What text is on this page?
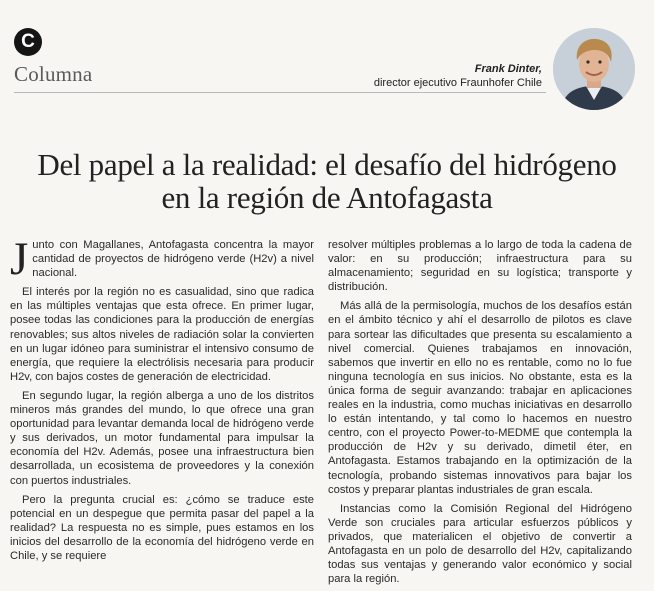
C
Columna	Frank Dinter,
director ejecutivo Fraunhofer Chile
Del papel a la realidad: el desafío del hidrógeno
en la región de Antofagasta

Junto con Magallanes, Antofagasta concentra la mayor cantidad de proyectos de hidrógeno verde (H2v) a nivel nacional.

El interés por la región no es casualidad, sino que radica en las múltiples ventajas que esta ofrece. En primer lugar, posee todas las condiciones para la producción de energías renovables; sus altos niveles de radiación solar la convierten en un lugar idóneo para suministrar el intensivo consumo de energía, que requiere la electrólisis necesaria para producir H2v, con bajos costes de generación de electricidad.

En segundo lugar, la región alberga a uno de los distritos mineros más grandes del mundo, lo que ofrece una gran oportunidad para levantar demanda local de hidrógeno verde y sus derivados, un motor fundamental para impulsar la economía del H2v. Además, posee una infraestructura bien desarrollada, un ecosistema de proveedores y la conexión con puertos industriales.

Pero la pregunta crucial es: ¿cómo se traduce este potencial en un despegue que permita pasar del papel a la realidad? La respuesta no es simple, pues estamos en los inicios del desarrollo de la economía del hidrógeno verde en Chile, y se requiere

resolver múltiples problemas a lo largo de toda la cadena de valor: en su producción; infraestructura para su almacenamiento; seguridad en su logística; transporte y distribución.

Más allá de la permisología, muchos de los desafíos están en el ámbito técnico y ahí el desarrollo de pilotos es clave para sortear las dificultades que presenta su escalamiento a nivel comercial. Quienes trabajamos en innovación, sabemos que invertir en ello no es rentable, como no lo fue ninguna tecnología en sus inicios. No obstante, esta es la única forma de seguir avanzando: trabajar en aplicaciones reales en la industria, como muchas iniciativas en desarrollo lo están intentando, y tal como lo hacemos en nuestro centro, con el proyecto Power-to-MEDME que contempla la producción de H2v y su derivado, dimetil éter, en Antofagasta. Estamos trabajando en la optimización de la tecnología, probando sistemas innovativos para bajar los costos y preparar plantas industriales de gran escala.

Instancias como la Comisión Regional del Hidrógeno Verde son cruciales para articular esfuerzos públicos y privados, que materialicen el objetivo de convertir a Antofagasta en un polo de desarrollo del H2v, capitalizando todas sus ventajas y generando valor económico y social para la región.
